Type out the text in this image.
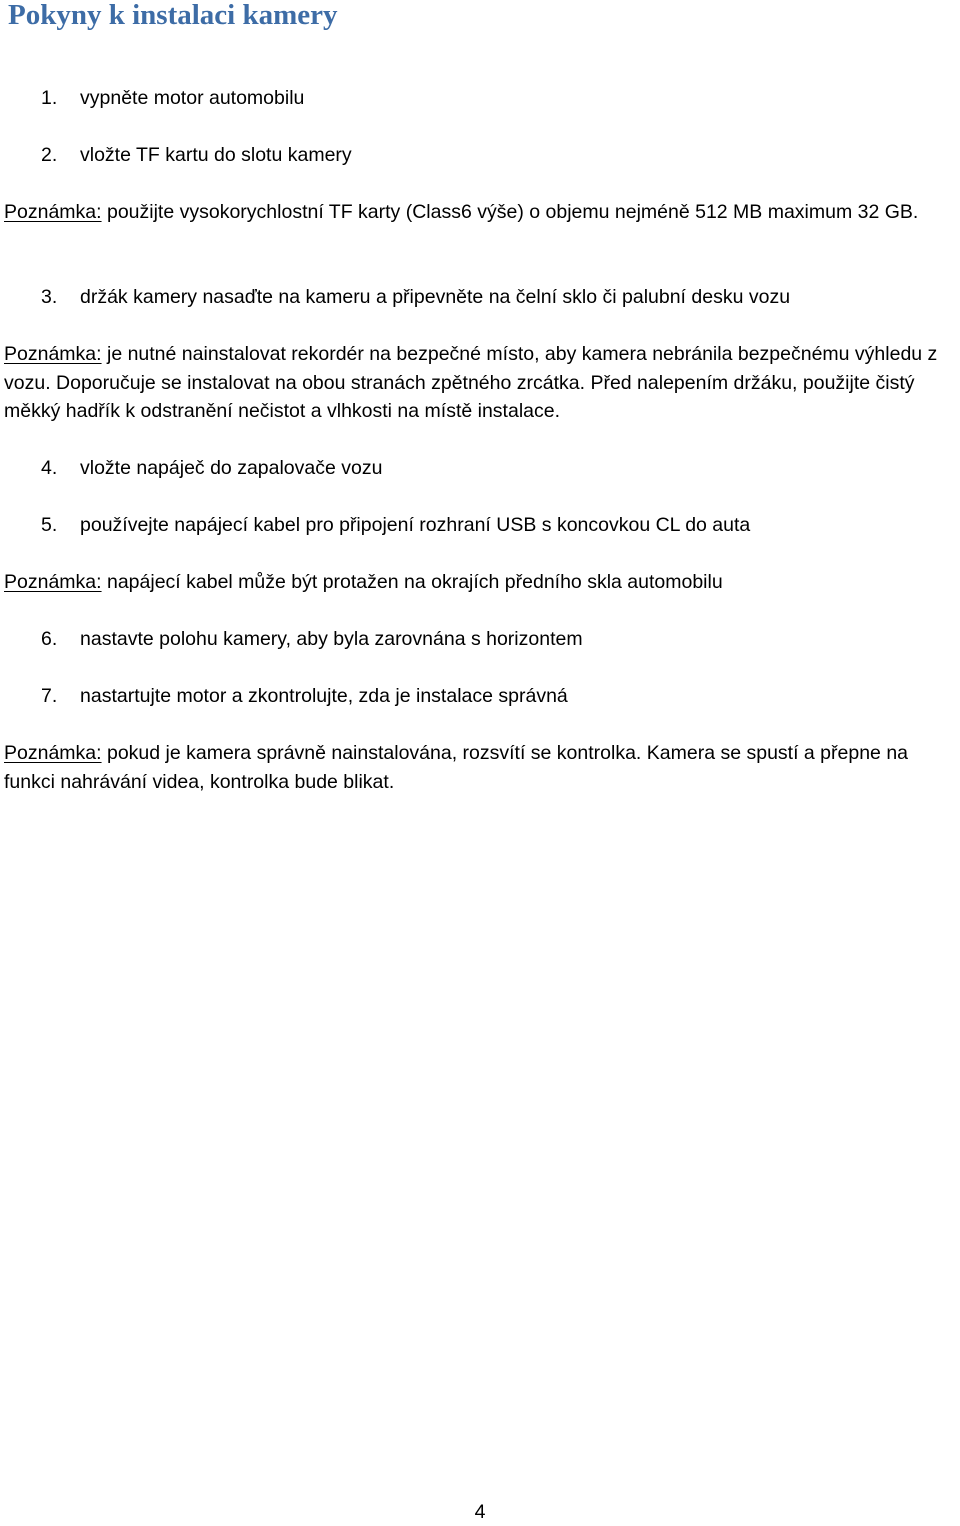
Pokyny k instalaci kamery
1. vypněte motor automobilu
2. vložte TF kartu do slotu kamery

Poznámka: použijte vysokorychlostní TF karty (Class6 výše) o objemu nejméně 512 MB maximum 32 GB.

3. držák kamery nasaďte na kameru a připevněte na čelní sklo či palubní desku vozu

Poznámka: je nutné nainstalovat rekordér na bezpečné místo, aby kamera nebránila bezpečnému výhledu z vozu. Doporučuje se instalovat na obou stranách zpětného zrcátka. Před nalepením držáku, použijte čistý měkký hadřík k odstranění nečistot a vlhkosti na místě instalace.

4. vložte napáječ do zapalovače vozu
5. používejte napájecí kabel pro připojení rozhraní USB s koncovkou CL do auta

Poznámka: napájecí kabel může být protažen na okrajích předního skla automobilu

6. nastavte polohu kamery, aby byla zarovnána s horizontem
7. nastartujte motor a zkontrolujte, zda je instalace správná

Poznámka: pokud je kamera správně nainstalována, rozsvítí se kontrolka. Kamera se spustí a přepne na funkci nahrávání videa, kontrolka bude blikat.

4
